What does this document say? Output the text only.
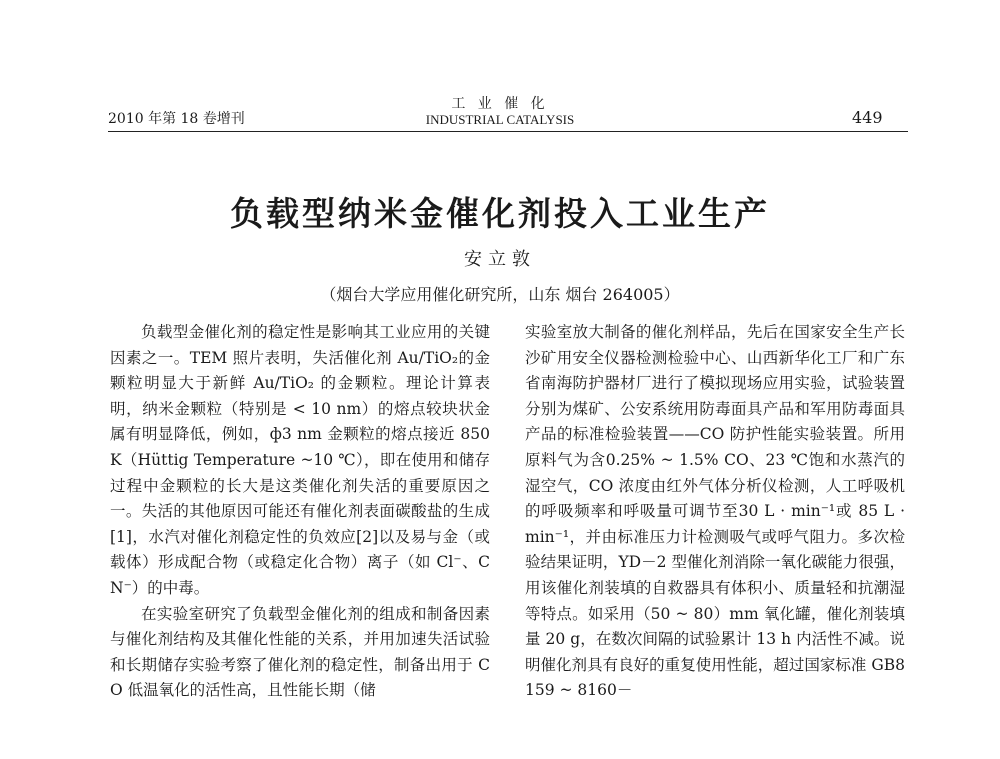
2010 年第 18 卷增刊
工 业 催 化
INDUSTRIAL CATALYSIS	449
负载型纳米金催化剂投入工业生产
安立敦
（烟台大学应用催化研究所，山东 烟台 264005）

负载型金催化剂的稳定性是影响其工业应用的关键因素之一。TEM 照片表明，失活催化剂 Au/TiO₂的金颗粒明显大于新鲜 Au/TiO₂ 的金颗粒。理论计算表明，纳米金颗粒（特别是 < 10 nm）的熔点较块状金属有明显降低，例如，ф3 nm 金颗粒的熔点接近 850 K（Hüttig Temperature ~10 ℃），即在使用和储存过程中金颗粒的长大是这类催化剂失活的重要原因之一。失活的其他原因可能还有催化剂表面碳酸盐的生成[1]，水汽对催化剂稳定性的负效应[2]以及易与金（或载体）形成配合物（或稳定化合物）离子（如 Cl⁻、CN⁻）的中毒。

在实验室研究了负载型金催化剂的组成和制备因素与催化剂结构及其催化性能的关系，并用加速失活试验和长期储存实验考察了催化剂的稳定性，制备出用于 CO 低温氧化的活性高，且性能长期（储

实验室放大制备的催化剂样品，先后在国家安全生产长沙矿用安全仪器检测检验中心、山西新华化工厂和广东省南海防护器材厂进行了模拟现场应用实验，试验装置分别为煤矿、公安系统用防毒面具产品和军用防毒面具产品的标准检验装置——CO 防护性能实验装置。所用原料气为含0.25% ~ 1.5% CO、23 ℃饱和水蒸汽的湿空气，CO 浓度由红外气体分析仪检测，人工呼吸机的呼吸频率和呼吸量可调节至30 L · min⁻¹或 85 L · min⁻¹，并由标准压力计检测吸气或呼气阻力。多次检验结果证明，YD－2 型催化剂消除一氧化碳能力很强，用该催化剂装填的自救器具有体积小、质量轻和抗潮湿等特点。如采用（50 ~ 80）mm 氧化罐，催化剂装填量 20 g，在数次间隔的试验累计 13 h 内活性不减。说明催化剂具有良好的重复使用性能，超过国家标准 GB8159 ~ 8160－
